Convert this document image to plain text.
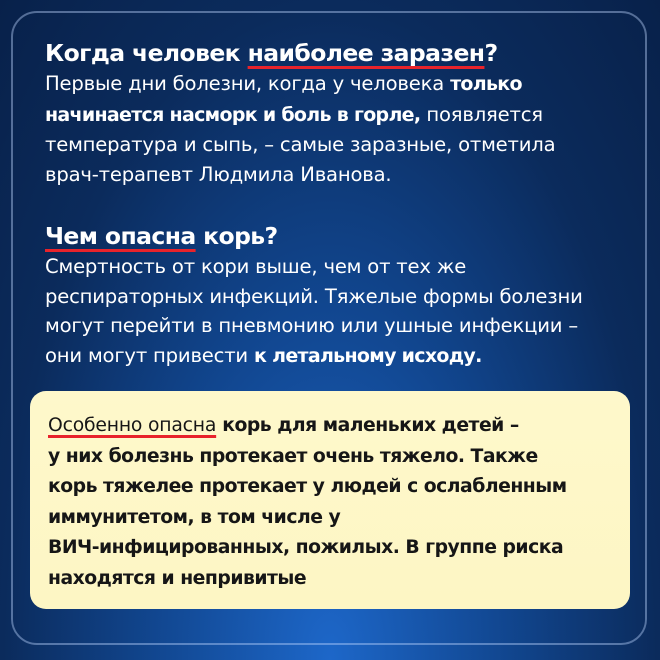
Когда человек наиболее заразен?
Первые дни болезни, когда у человека только
начинается насморк и боль в горле, появляется
температура и сыпь, – самые заразные, отметила
врач-терапевт Людмила Иванова.
Чем опасна корь?
Смертность от кори выше, чем от тех же
респираторных инфекций. Тяжелые формы болезни
могут перейти в пневмонию или ушные инфекции –
они могут привести к летальному исходу.
Особенно опасна корь для маленьких детей –
у них болезнь протекает очень тяжело. Также
корь тяжелее протекает у людей с ослабленным
иммунитетом, в том числе у
ВИЧ-инфицированных, пожилых. В группе риска
находятся и непривитые
